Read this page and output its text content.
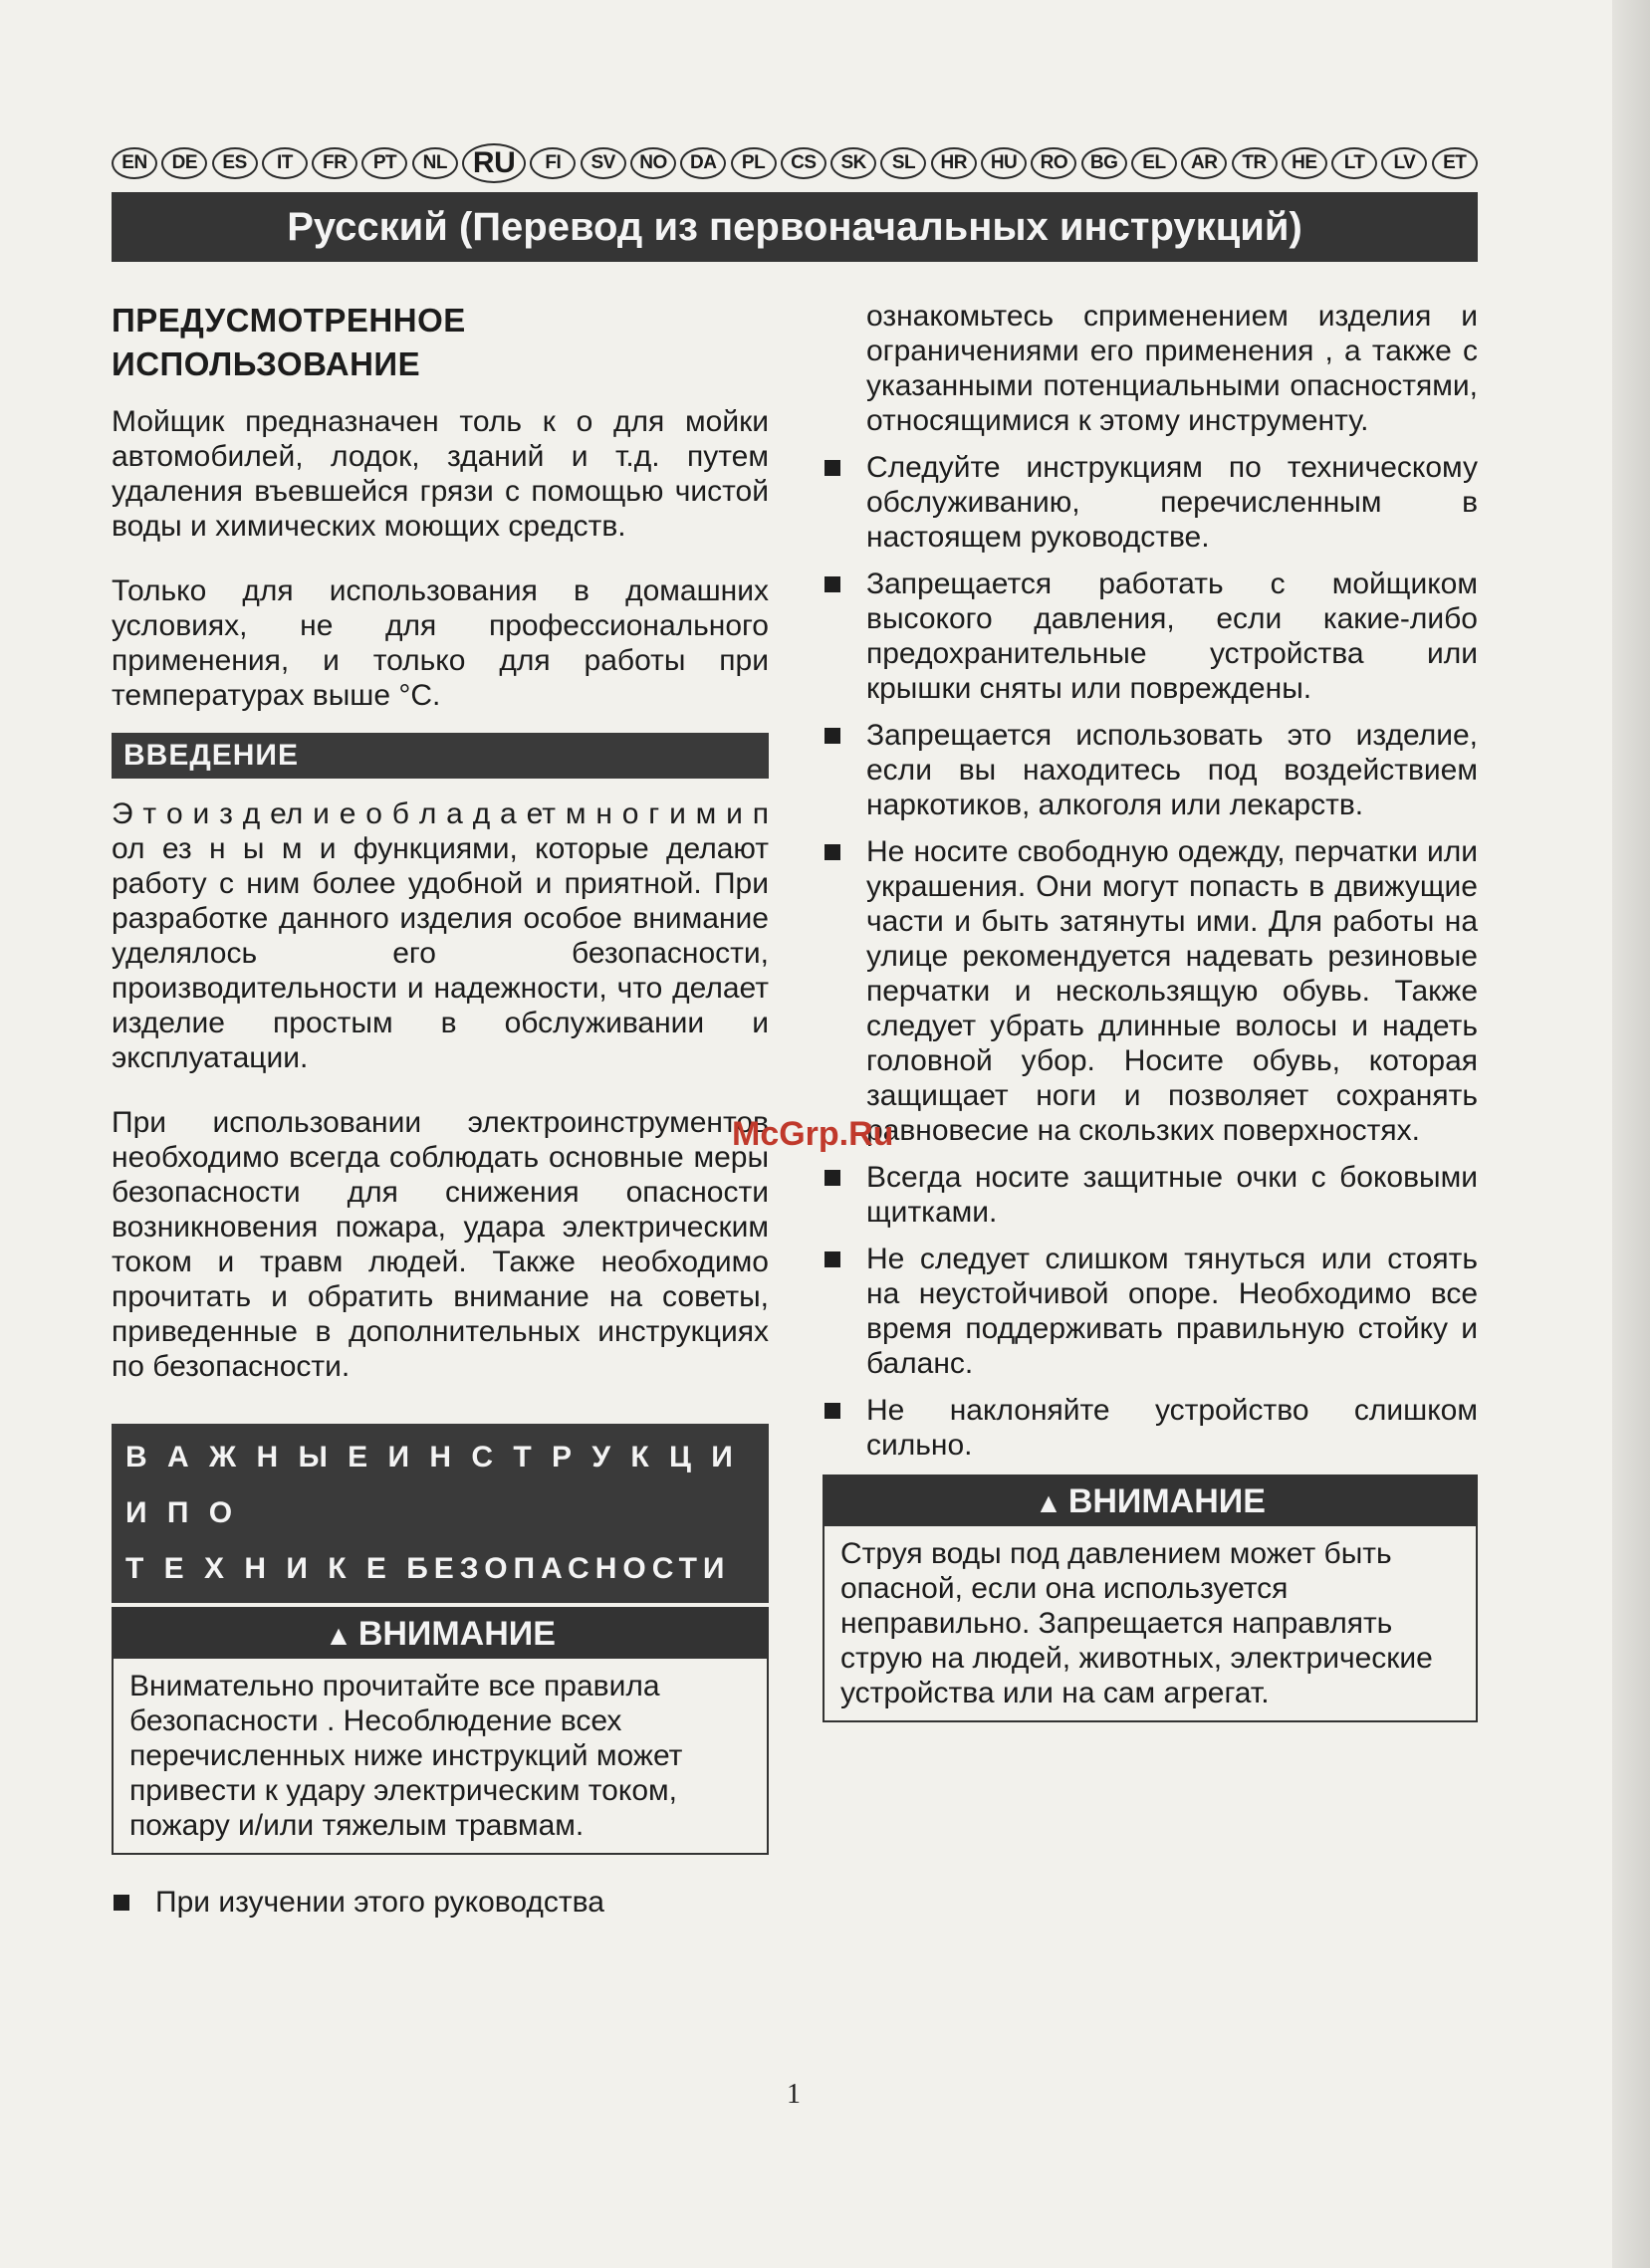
EN	DE	ES	IT	FR	PT	NL RU	FI	SV	NO	DA	PL	CS	SK	SL	HR	HU	RO	BG	EL	AR	TR	HE	LT	LV	ET
Русский (Перевод из первоначальных инструкций)
ПРЕДУСМОТРЕННОЕ ИСПОЛЬЗОВАНИЕ

Мойщик предназначен толь к о для мойки автомобилей, лодок, зданий и т.д. путем удаления въевшейся грязи с помощью чистой воды и химических моющих средств.

Только для использования в домашних условиях, не для профессионального применения, и только для работы при температурах выше °C.

ВВЕДЕНИЕ

Э т о и з д ел и е о б л а д а ет м н о г и м и п ол ез н ы м и функциями, которые делают работу с ним более удобной и приятной. При разработке данного изделия особое внимание уделялось его безопасности, производительности и надежности, что делает изделие простым в обслуживании и эксплуатации.

При использовании электроинструментов необходимо всегда соблюдать основные меры безопасности для снижения опасности возникновения пожара, удара электрическим током и травм людей. Также необходимо прочитать и обратить внимание на советы, приведенные в дополнительных инструкциях по безопасности.

В А Ж Н Ы Е И Н С Т Р У К Ц И И П О
Т Е Х Н И К Е БЕЗОПАСНОСТИ
▲ ВНИМАНИЕ
Внимательно прочитайте все правила безопасности . Несоблюдение всех перечисленных ниже инструкций может привести к удару электрическим током, пожару и/или тяжелым травмам.
При изучении этого руководства

ознакомьтесь сприменением изделия и ограничениями его применения , а также с указанными потенциальными опасностями, относящимися к этому инструменту.

Следуйте инструкциям по техническому обслуживанию, перечисленным в настоящем руководстве.
Запрещается работать с мойщиком высокого давления, если какие-либо предохранительные устройства или крышки сняты или повреждены.
Запрещается использовать это изделие, если вы находитесь под воздействием наркотиков, алкоголя или лекарств.
Не носите свободную одежду, перчатки или украшения. Они могут попасть в движущие части и быть затянуты ими. Для работы на улице рекомендуется надевать резиновые перчатки и нескользящую обувь. Также следует убрать длинные волосы и надеть головной убор. Носите обувь, которая защищает ноги и позволяет сохранять равновесие на скользких поверхностях.
Всегда носите защитные очки с боковыми щитками.
Не следует слишком тянуться или стоять на неустойчивой опоре. Необходимо все время поддерживать правильную стойку и баланс.
Не наклоняйте устройство слишком сильно.
▲ ВНИМАНИЕ
Струя воды под давлением может быть опасной, если она используется неправильно. Запрещается направлять струю на людей, животных, электрические устройства или на сам агрегат.
McGrp.Ru
1
